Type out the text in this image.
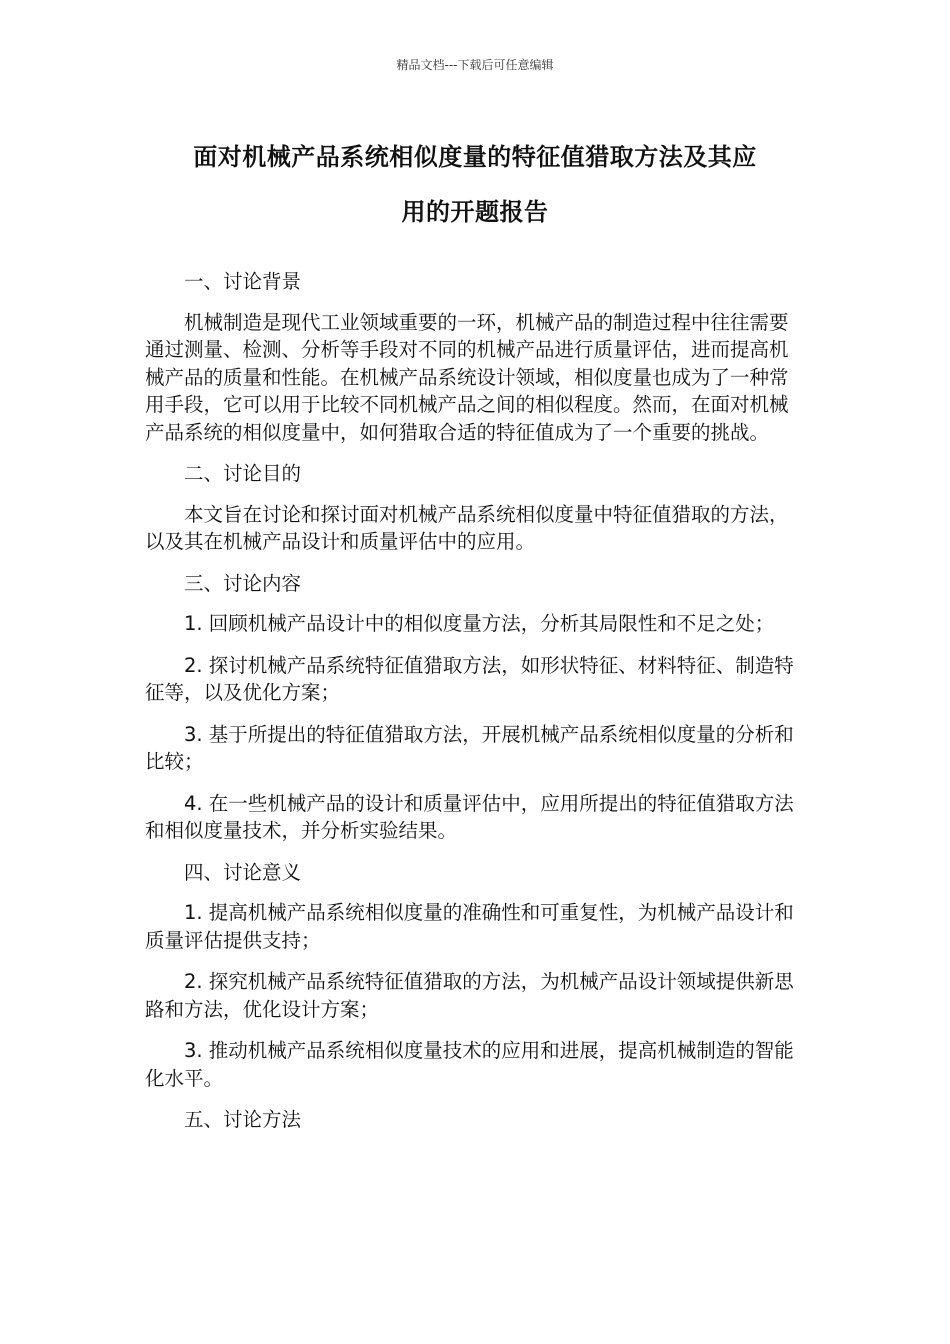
精品文档---下载后可任意编辑
面对机械产品系统相似度量的特征值猎取方法及其应
用的开题报告

一、讨论背景

机械制造是现代工业领域重要的一环，机械产品的制造过程中往往需要通过测量、检测、分析等手段对不同的机械产品进行质量评估，进而提高机械产品的质量和性能。在机械产品系统设计领域，相似度量也成为了一种常用手段，它可以用于比较不同机械产品之间的相似程度。然而，在面对机械产品系统的相似度量中，如何猎取合适的特征值成为了一个重要的挑战。

二、讨论目的

本文旨在讨论和探讨面对机械产品系统相似度量中特征值猎取的方法，以及其在机械产品设计和质量评估中的应用。

三、讨论内容

1. 回顾机械产品设计中的相似度量方法，分析其局限性和不足之处；

2. 探讨机械产品系统特征值猎取方法，如形状特征、材料特征、制造特征等，以及优化方案；

3. 基于所提出的特征值猎取方法，开展机械产品系统相似度量的分析和比较；

4. 在一些机械产品的设计和质量评估中，应用所提出的特征值猎取方法和相似度量技术，并分析实验结果。

四、讨论意义

1. 提高机械产品系统相似度量的准确性和可重复性，为机械产品设计和质量评估提供支持；

2. 探究机械产品系统特征值猎取的方法，为机械产品设计领域提供新思路和方法，优化设计方案；

3. 推动机械产品系统相似度量技术的应用和进展，提高机械制造的智能化水平。

五、讨论方法
